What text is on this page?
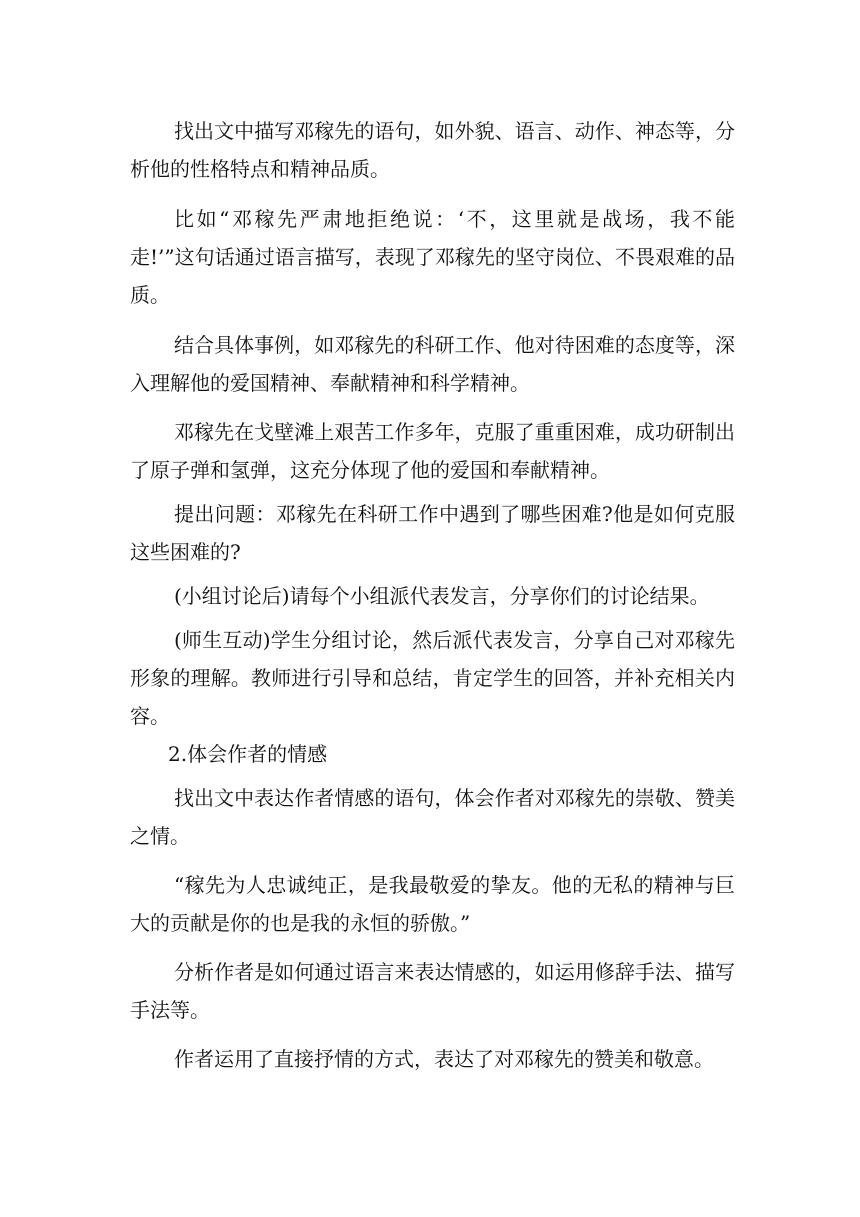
找出文中描写邓稼先的语句，如外貌、语言、动作、神态等，分析他的性格特点和精神品质。

比如“邓稼先严肃地拒绝说：‘不，这里就是战场，我不能走!’”这句话通过语言描写，表现了邓稼先的坚守岗位、不畏艰难的品质。

结合具体事例，如邓稼先的科研工作、他对待困难的态度等，深入理解他的爱国精神、奉献精神和科学精神。

邓稼先在戈壁滩上艰苦工作多年，克服了重重困难，成功研制出了原子弹和氢弹，这充分体现了他的爱国和奉献精神。

提出问题：邓稼先在科研工作中遇到了哪些困难?他是如何克服这些困难的?

(小组讨论后)请每个小组派代表发言，分享你们的讨论结果。

(师生互动)学生分组讨论，然后派代表发言，分享自己对邓稼先形象的理解。教师进行引导和总结，肯定学生的回答，并补充相关内容。

2.体会作者的情感

找出文中表达作者情感的语句，体会作者对邓稼先的崇敬、赞美之情。

“稼先为人忠诚纯正，是我最敬爱的挚友。他的无私的精神与巨大的贡献是你的也是我的永恒的骄傲。”

分析作者是如何通过语言来表达情感的，如运用修辞手法、描写手法等。

作者运用了直接抒情的方式，表达了对邓稼先的赞美和敬意。
